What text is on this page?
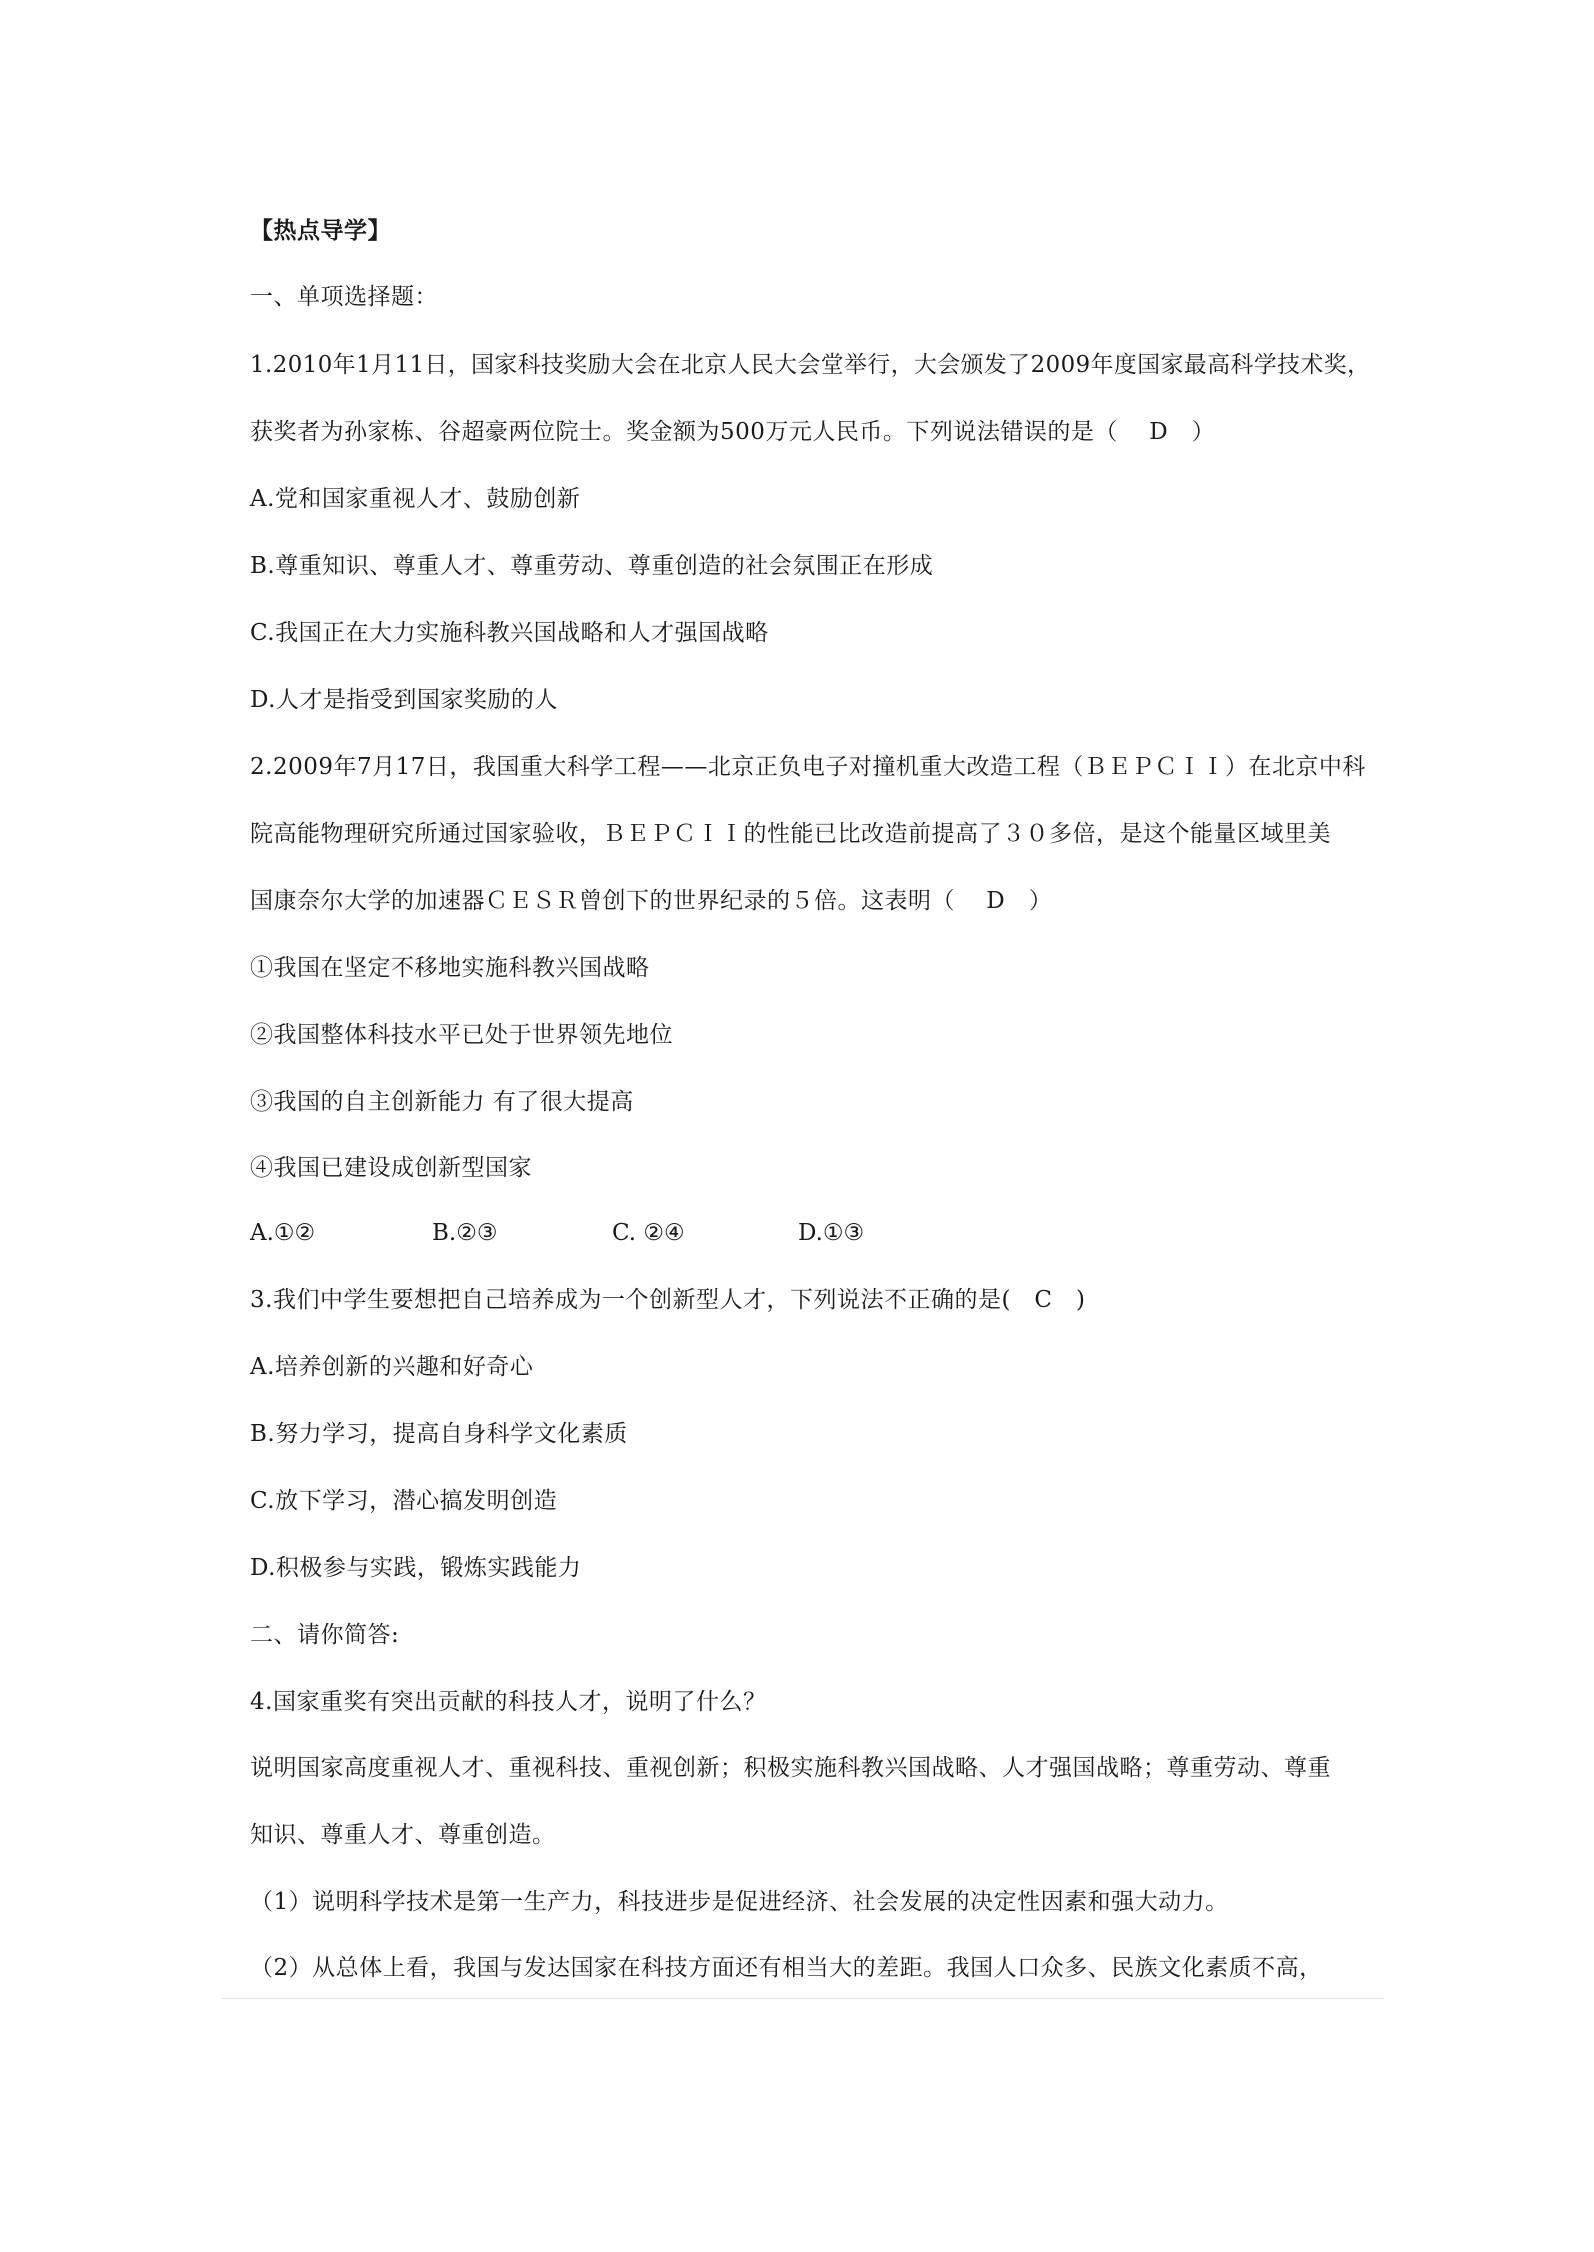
【热点导学】
一、单项选择题：
1.2010年1月11日，国家科技奖励大会在北京人民大会堂举行，大会颁发了2009年度国家最高科学技术奖，
获奖者为孙家栋、谷超豪两位院士。奖金额为500万元人民币。下列说法错误的是（　 D　）
A.党和国家重视人才、鼓励创新
B.尊重知识、尊重人才、尊重劳动、尊重创造的社会氛围正在形成
C.我国正在大力实施科教兴国战略和人才强国战略
D.人才是指受到国家奖励的人
2.2009年7月17日，我国重大科学工程——北京正负电子对撞机重大改造工程（ＢＥＰＣＩＩ）在北京中科
院高能物理研究所通过国家验收，ＢＥＰＣＩＩ的性能已比改造前提高了３０多倍，是这个能量区域里美
国康奈尔大学的加速器ＣＥＳＲ曾创下的世界纪录的５倍。这表明（　 D　）
①我国在坚定不移地实施科教兴国战略
②我国整体科技水平已处于世界领先地位
③我国的自主创新能力 有了很大提高
④我国已建设成创新型国家
A.①②	B.②③	C. ②④	D.①③
3.我们中学生要想把自己培养成为一个创新型人才，下列说法不正确的是(　C　)
A.培养创新的兴趣和好奇心
B.努力学习，提高自身科学文化素质
C.放下学习，潜心搞发明创造
D.积极参与实践，锻炼实践能力
二、请你简答:
4.国家重奖有突出贡献的科技人才，说明了什么？
说明国家高度重视人才、重视科技、重视创新；积极实施科教兴国战略、人才强国战略；尊重劳动、尊重
知识、尊重人才、尊重创造。
（1）说明科学技术是第一生产力，科技进步是促进经济、社会发展的决定性因素和强大动力。
（2）从总体上看，我国与发达国家在科技方面还有相当大的差距。我国人口众多、民族文化素质不高，
